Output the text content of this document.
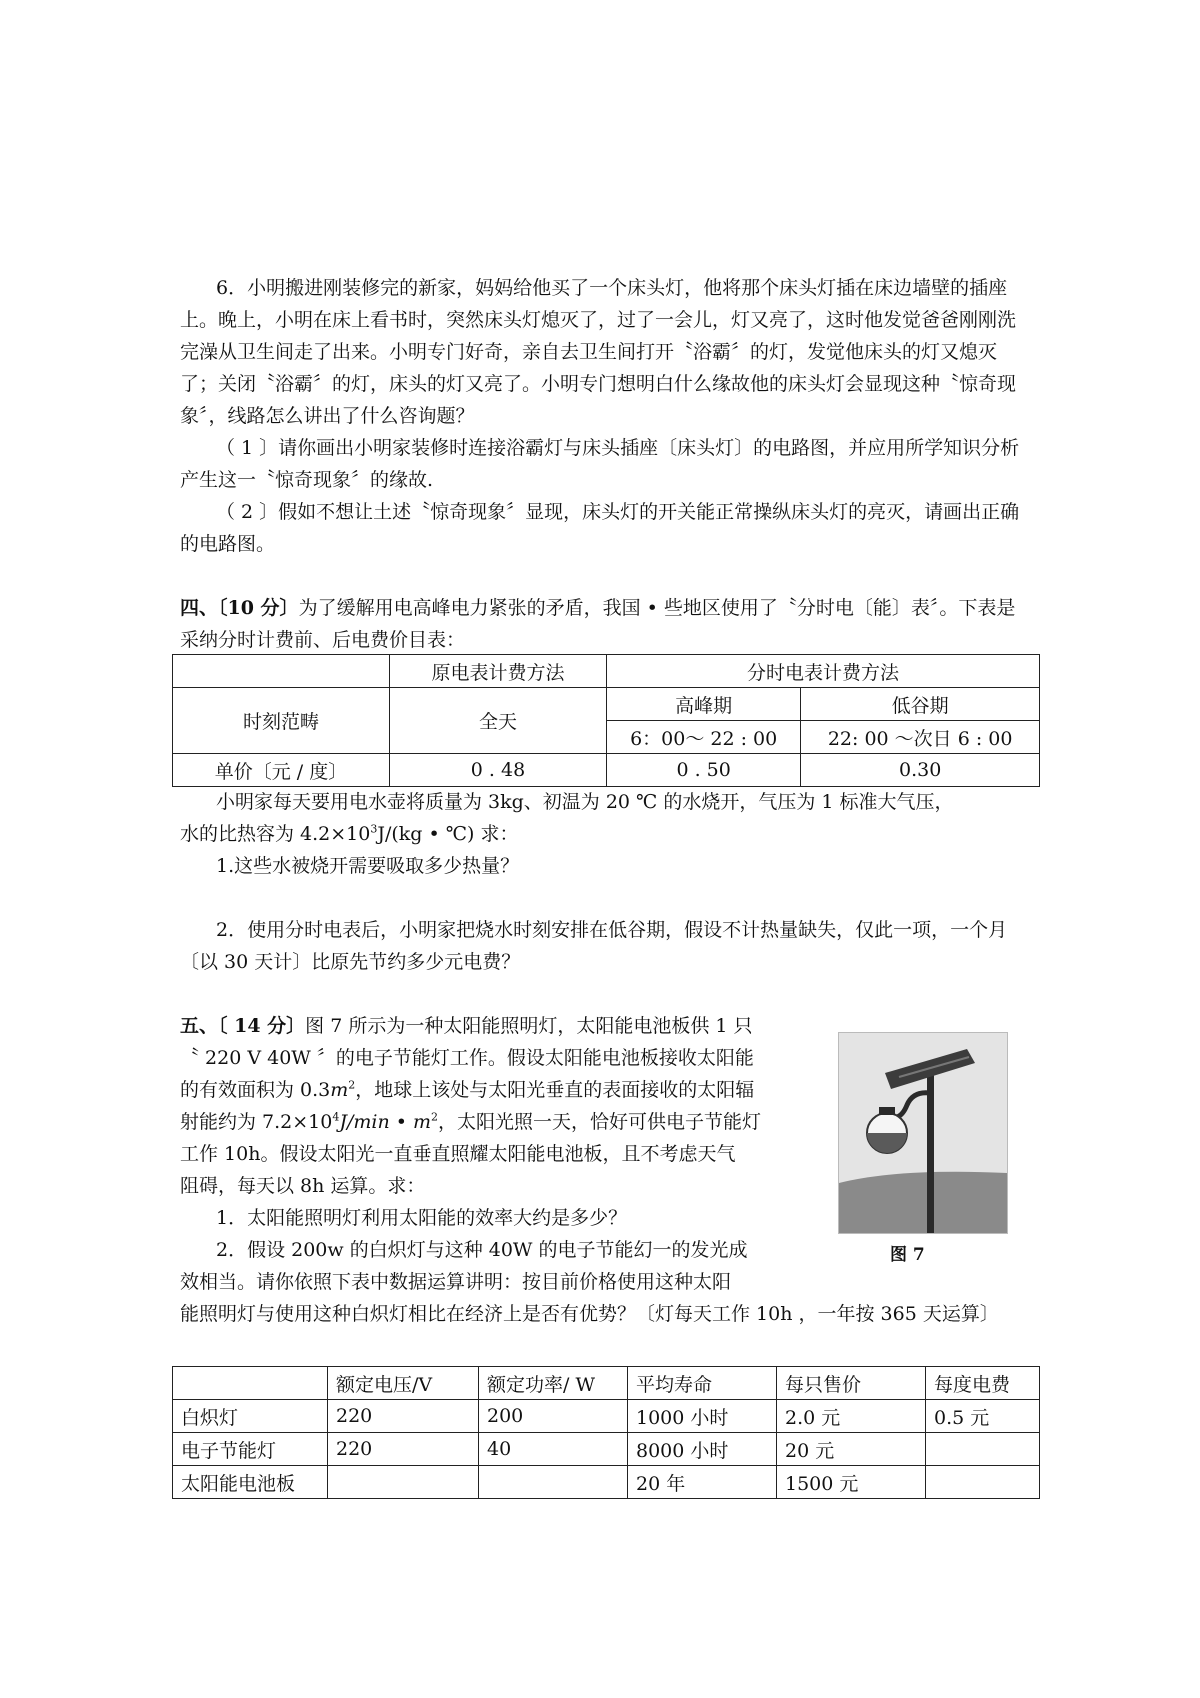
6．小明搬进刚装修完的新家，妈妈给他买了一个床头灯，他将那个床头灯插在床边墙壁的插座上。晚上，小明在床上看书时，突然床头灯熄灭了，过了一会儿，灯又亮了，这时他发觉爸爸刚刚洗完澡从卫生间走了出来。小明专门好奇，亲自去卫生间打开〝浴霸〞的灯，发觉他床头的灯又熄灭了；关闭〝浴霸〞的灯，床头的灯又亮了。小明专门想明白什么缘故他的床头灯会显现这种〝惊奇现象〞，线路怎么讲出了什么咨询题？
（ 1 〕请你画出小明家装修时连接浴霸灯与床头插座〔床头灯〕的电路图，并应用所学知识分析产生这一〝惊奇现象〞的缘故.
（ 2 〕假如不想让土述〝惊奇现象〞显现，床头灯的开关能正常操纵床头灯的亮灭，请画出正确的电路图。
四、〔10 分〕为了缓解用电高峰电力紧张的矛盾，我国 • 些地区使用了〝分时电〔能〕表〞。下表是采纳分时计费前、后电费价目表：
	原电表计费方法	分时电表计费方法	
时刻范畴	全天	高峰期	低谷期
		6：00～ 22 : 00	22: 00 ～次日 6 : 00
单价〔元 / 度〕	0 . 48	0 . 50	0.30
小明家每天要用电水壶将质量为 3kg、初温为 20 ℃ 的水烧开，气压为 1 标准大气压，
水的比热容为 $4.2\times 10^3J/(kg$ • ℃) 求：
1.这些水被烧开需要吸取多少热量？
2．使用分时电表后，小明家把烧水时刻安排在低谷期，假设不计热量缺失，仅此一项，一个月〔以 30 天计〕比原先节约多少元电费？
五、〔 14 分〕图 7 所示为一种太阳能照明灯，太阳能电池板供 1 只
〝 220 V 40W 〞的电子节能灯工作。假设太阳能电池板接收太阳能
的有效面积为 $0.3m^2$，地球上该处与太阳光垂直的表面接收的太阳辐
射能约为 $7.2\times 10^4J/\min$ • $m^2$，太阳光照一天，恰好可供电子节能灯
工作 10h。假设太阳光一直垂直照耀太阳能电池板，且不考虑天气
阻碍，每天以 8h 运算。求：
1．太阳能照明灯利用太阳能的效率大约是多少？
2．假设 200w 的白炽灯与这种 40W 的电子节能幻一的发光成
效相当。请你依照下表中数据运算讲明：按目前价格使用这种太阳
能照明灯与使用这种白炽灯相比在经济上是否有优势？〔灯每天工作 10h ，一年按 365 天运算〕
图 7
	额定电压/V	额定功率/ W	平均寿命	每只售价	每度电费
白炽灯	220	200	1000 小时	2.0 元	0.5 元
电子节能灯	220	40	8000 小时	20 元	
太阳能电池板			20 年	1500 元	
